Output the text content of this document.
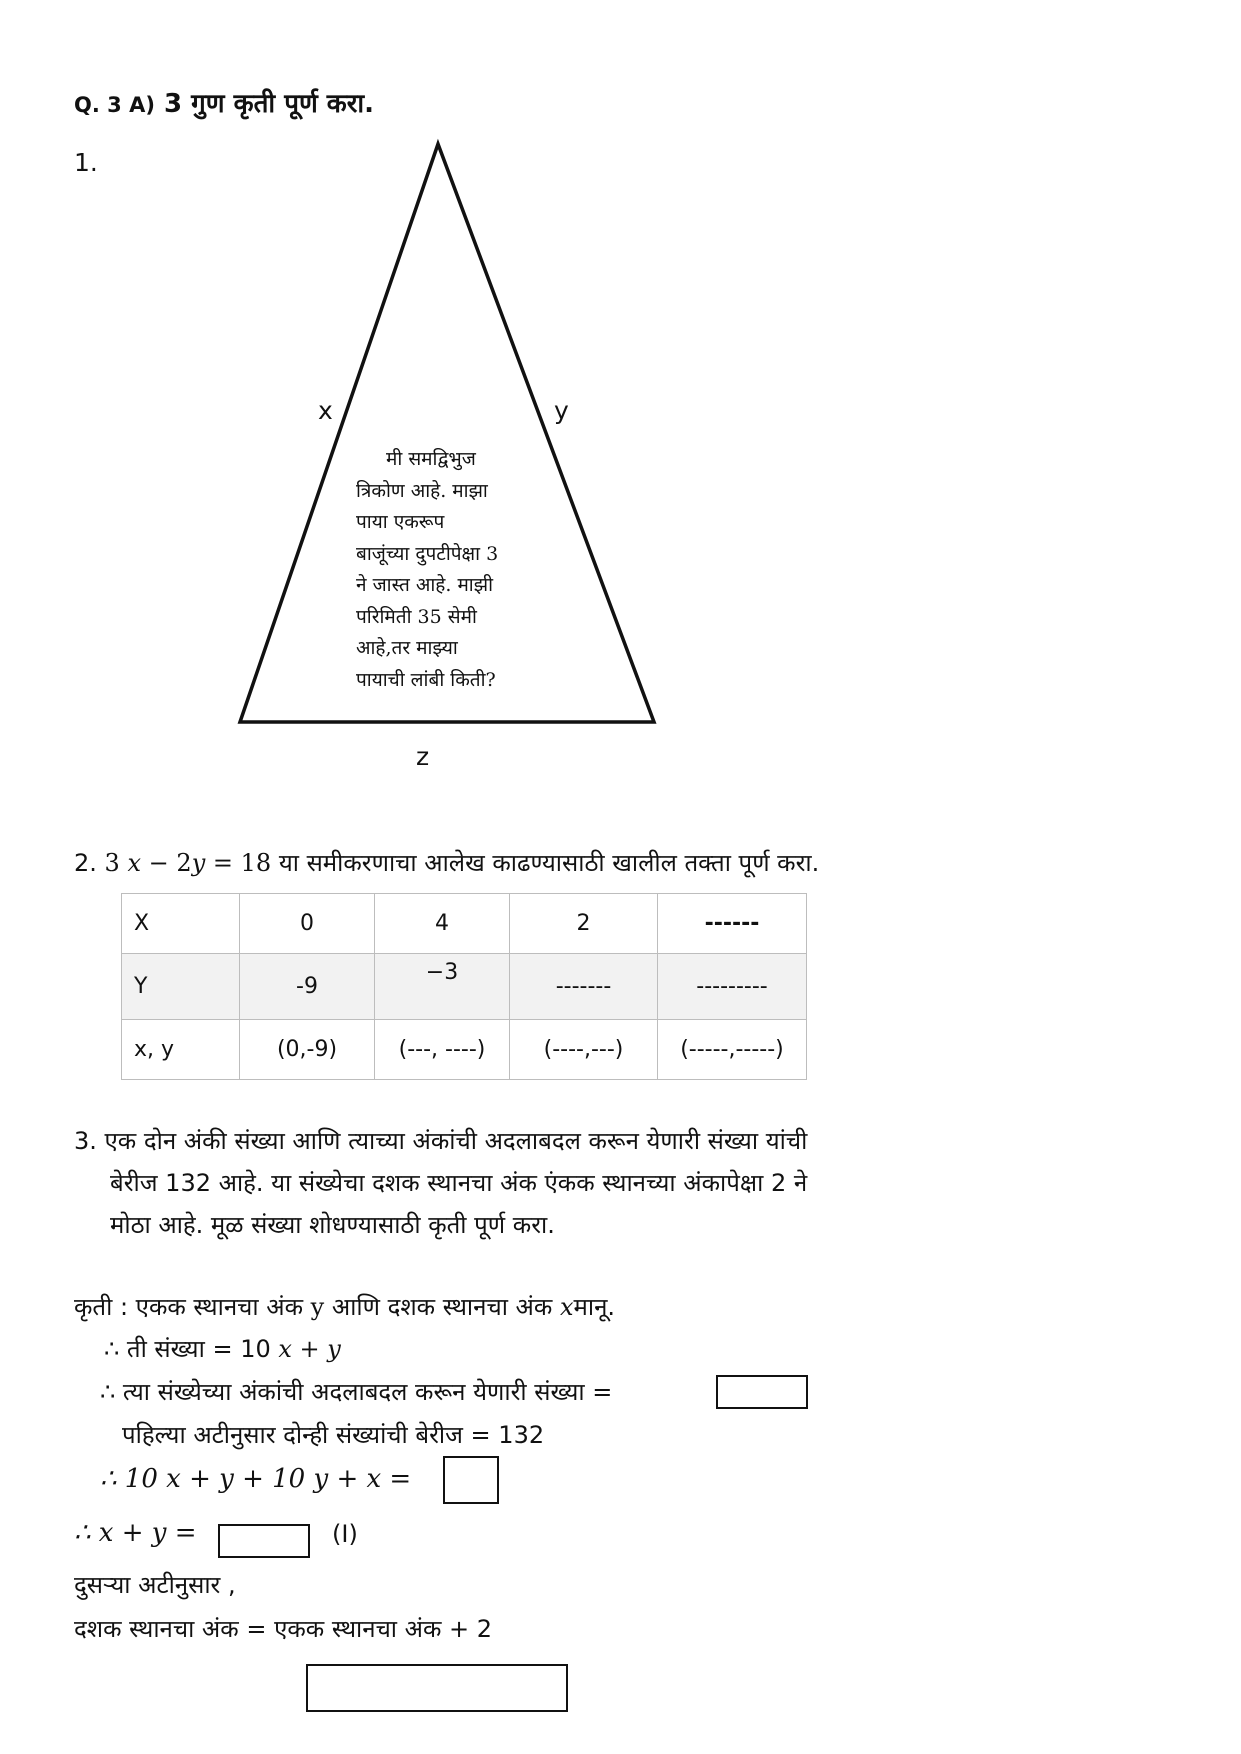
Q. 3 A) 3 गुण कृती पूर्ण करा.
1.
x	y
z
मी समद्विभुज
त्रिकोण आहे. माझा
पाया एकरूप
बाजूंच्या दुपटीपेक्षा 3
ने जास्त आहे. माझी
परिमिती 35 सेमी
आहे,तर माझ्या
पायाची लांबी किती?
2. 3 x − 2y = 18 या समीकरणाचा आलेख काढण्यासाठी खालील तक्ता पूर्ण करा.
X	0	4	2	------
Y	-9	−3	-------	---------
x, y	(0,-9)	(---, ----)	(----,---)	(-----,-----)
3. एक दोन अंकी संख्या आणि त्याच्या अंकांची अदलाबदल करून येणारी संख्या यांची
बेरीज 132 आहे. या संख्येचा दशक स्थानचा अंक एंकक स्थानच्या अंकापेक्षा 2 ने
मोठा आहे. मूळ संख्या शोधण्यासाठी कृती पूर्ण करा.
कृती : एकक स्थानचा अंक y आणि दशक स्थानचा अंक xमानू.
∴ ती संख्या = 10 x + y
∴ त्या संख्येच्या अंकांची अदलाबदल करून येणारी संख्या =
पहिल्या अटीनुसार दोन्ही संख्यांची बेरीज = 132
∴ 10 x + y + 10 y + x =
∴ x + y =	(I)
दुसऱ्या अटीनुसार ,
दशक स्थानचा अंक = एकक स्थानचा अंक + 2
